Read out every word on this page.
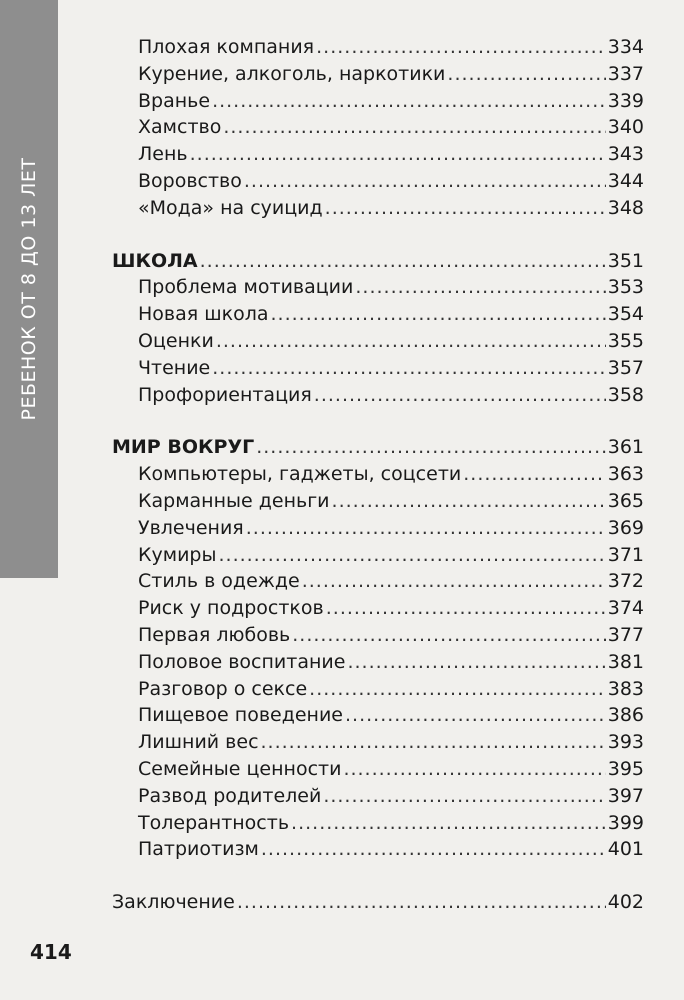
РЕБЕНОК ОТ 8 ДО 13 ЛЕТ
Плохая компания .....	334
Курение, алкоголь, наркотики .....	337
Вранье .....	339
Хамство .....	340
Лень .....	343
Воровство .....	344
«Мода» на суицид .....	348
ШКОЛА .....	351
Проблема мотивации .....	353
Новая школа .....	354
Оценки .....	355
Чтение .....	357
Профориентация .....	358
МИР ВОКРУГ .....	361
Компьютеры, гаджеты, соцсети .....	363
Карманные деньги .....	365
Увлечения .....	369
Кумиры .....	371
Стиль в одежде .....	372
Риск у подростков .....	374
Первая любовь .....	377
Половое воспитание .....	381
Разговор о сексе .....	383
Пищевое поведение .....	386
Лишний вес .....	393
Семейные ценности .....	395
Развод родителей .....	397
Толерантность .....	399
Патриотизм .....	401
Заключение .....	402
414
